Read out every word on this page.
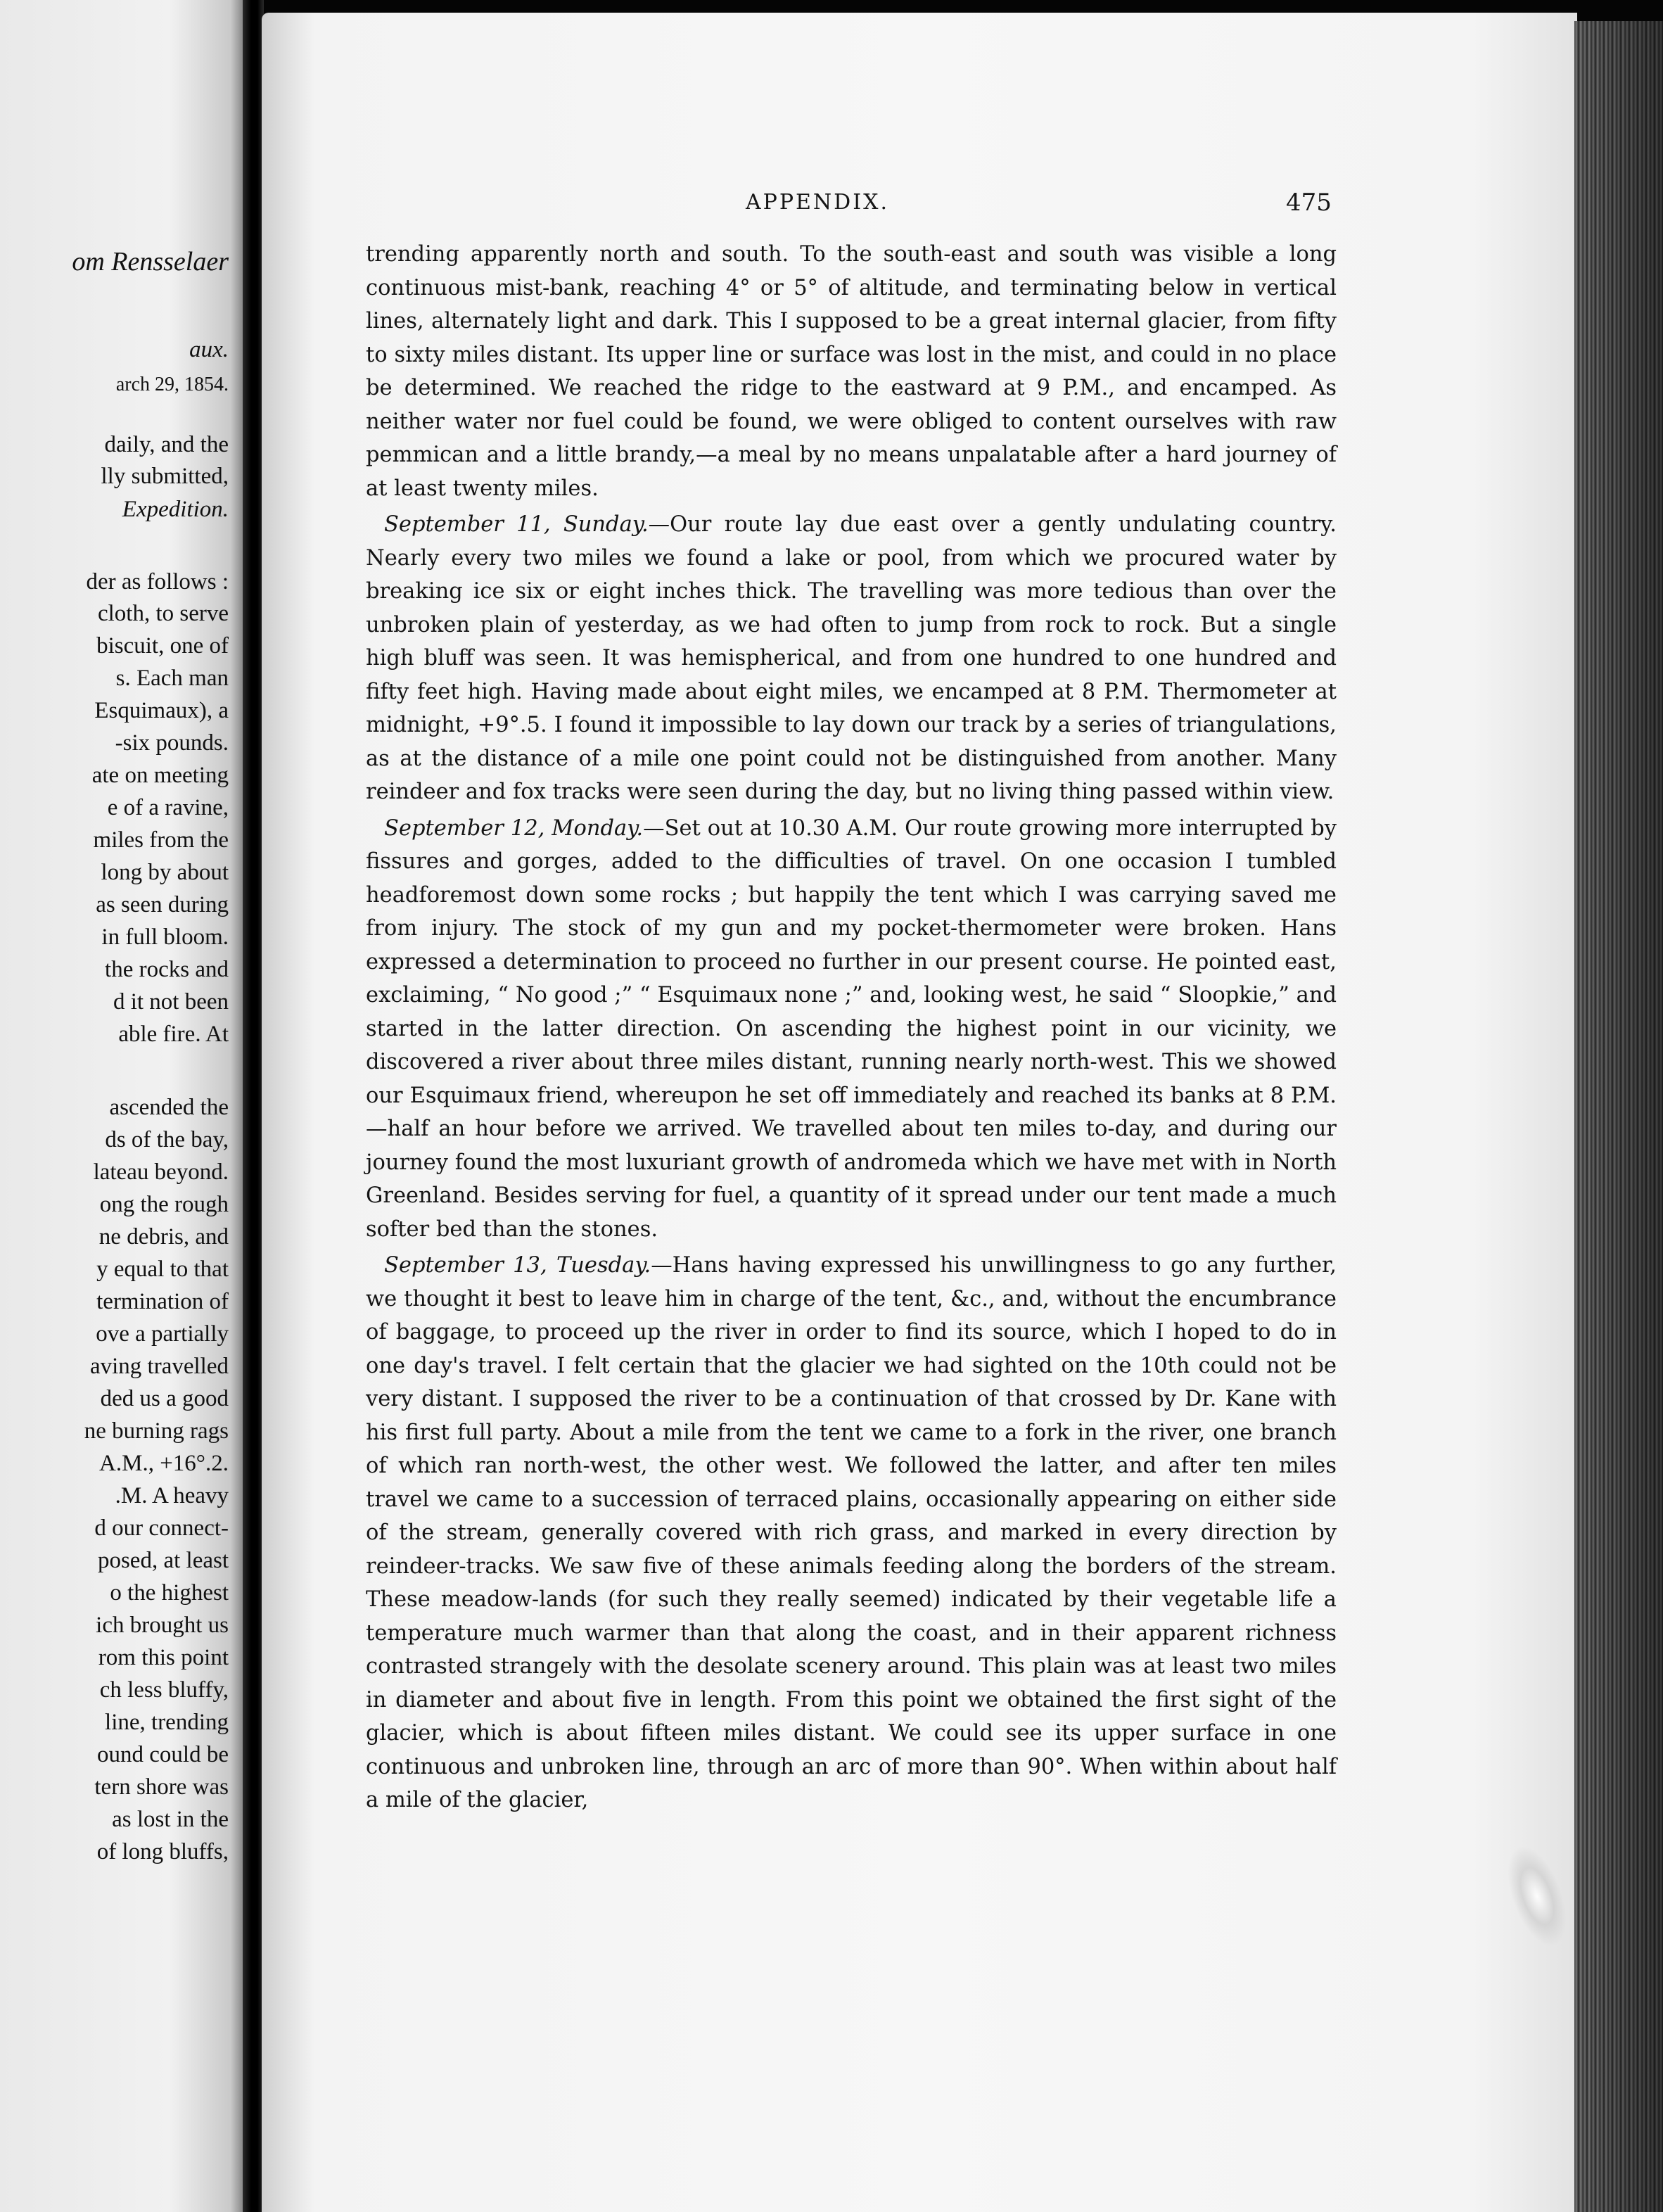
om Rensselaer
aux.
arch 29, 1854.
daily, and the
lly submitted,
Expedition.
der as follows :
cloth, to serve
biscuit, one of
s. Each man
Esquimaux), a
-six pounds.
ate on meeting
e of a ravine,
miles from the
long by about
as seen during
in full bloom.
the rocks and
d it not been
able fire. At
ascended the
ds of the bay,
lateau beyond.
ong the rough
ne debris, and
y equal to that
termination of
ove a partially
aving travelled
ded us a good
ne burning rags
A.M., +16°.2.
.M. A heavy
d our connect-
posed, at least
o the highest
ich brought us
rom this point
ch less bluffy,
line, trending
ound could be
tern shore was
as lost in the
of long bluffs,
APPENDIX.	475

trending apparently north and south. To the south-east and south was visible a long continuous mist-bank, reaching 4° or 5° of altitude, and terminating below in vertical lines, alternately light and dark. This I supposed to be a great internal glacier, from fifty to sixty miles distant. Its upper line or surface was lost in the mist, and could in no place be determined. We reached the ridge to the eastward at 9 P.M., and encamped. As neither water nor fuel could be found, we were obliged to content ourselves with raw pemmican and a little brandy,—a meal by no means unpalatable after a hard journey of at least twenty miles.

September 11, Sunday.—Our route lay due east over a gently undulating country. Nearly every two miles we found a lake or pool, from which we procured water by breaking ice six or eight inches thick. The travelling was more tedious than over the unbroken plain of yesterday, as we had often to jump from rock to rock. But a single high bluff was seen. It was hemispherical, and from one hundred to one hundred and fifty feet high. Having made about eight miles, we encamped at 8 P.M. Thermometer at midnight, +9°.5. I found it impossible to lay down our track by a series of triangulations, as at the distance of a mile one point could not be distinguished from another. Many reindeer and fox tracks were seen during the day, but no living thing passed within view.

September 12, Monday.—Set out at 10.30 A.M. Our route growing more interrupted by fissures and gorges, added to the difficulties of travel. On one occasion I tumbled headforemost down some rocks ; but happily the tent which I was carrying saved me from injury. The stock of my gun and my pocket-thermometer were broken. Hans expressed a determination to proceed no further in our present course. He pointed east, exclaiming, “ No good ;” “ Esquimaux none ;” and, looking west, he said “ Sloopkie,” and started in the latter direction. On ascending the highest point in our vicinity, we discovered a river about three miles distant, running nearly north-west. This we showed our Esquimaux friend, whereupon he set off immediately and reached its banks at 8 P.M.—half an hour before we arrived. We travelled about ten miles to-day, and during our journey found the most luxuriant growth of andromeda which we have met with in North Greenland. Besides serving for fuel, a quantity of it spread under our tent made a much softer bed than the stones.

September 13, Tuesday.—Hans having expressed his unwillingness to go any further, we thought it best to leave him in charge of the tent, &c., and, without the encumbrance of baggage, to proceed up the river in order to find its source, which I hoped to do in one day's travel. I felt certain that the glacier we had sighted on the 10th could not be very distant. I supposed the river to be a continuation of that crossed by Dr. Kane with his first full party. About a mile from the tent we came to a fork in the river, one branch of which ran north-west, the other west. We followed the latter, and after ten miles travel we came to a succession of terraced plains, occasionally appearing on either side of the stream, generally covered with rich grass, and marked in every direction by reindeer-tracks. We saw five of these animals feeding along the borders of the stream. These meadow-lands (for such they really seemed) indicated by their vegetable life a temperature much warmer than that along the coast, and in their apparent richness contrasted strangely with the desolate scenery around. This plain was at least two miles in diameter and about five in length. From this point we obtained the first sight of the glacier, which is about fifteen miles distant. We could see its upper surface in one continuous and unbroken line, through an arc of more than 90°. When within about half a mile of the glacier,
